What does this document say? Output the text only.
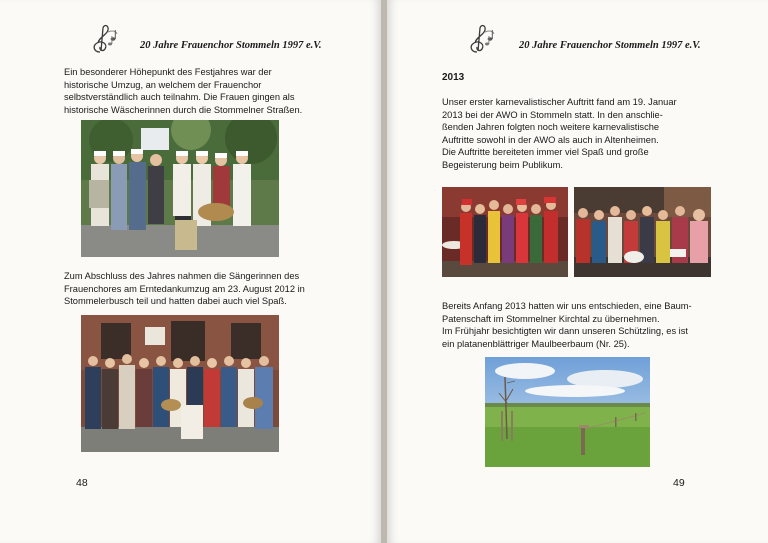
20 Jahre Frauenchor Stommeln 1997 e.V.

Ein besonderer Höhepunkt des Festjahres war der

historische Umzug, an welchem der Frauenchor

selbstverständlich auch teilnahm. Die Frauen gingen als

historische Wäscherinnen durch die Stommelner Straßen.

Zum Abschluss des Jahres nahmen die Sängerinnen des

Frauenchores am Erntedankumzug am 23. August 2012 in

Stommelerbusch teil und hatten dabei auch viel Spaß.

48
20 Jahre Frauenchor Stommeln 1997 e.V.
2013

Unser erster karnevalistischer Auftritt fand am 19. Januar

2013 bei der AWO in Stommeln statt. In den anschlie-

ßenden Jahren folgten noch weitere karnevalistische

Auftritte sowohl in der AWO als auch in Altenheimen.

Die Auftritte bereiteten immer viel Spaß und große

Begeisterung beim Publikum.

Bereits Anfang 2013 hatten wir uns entschieden, eine Baum-

Patenschaft im Stommelner Kirchtal zu übernehmen.

Im Frühjahr besichtigten wir dann unseren Schützling, es ist

ein platanenblättriger Maulbeerbaum (Nr. 25).

49
